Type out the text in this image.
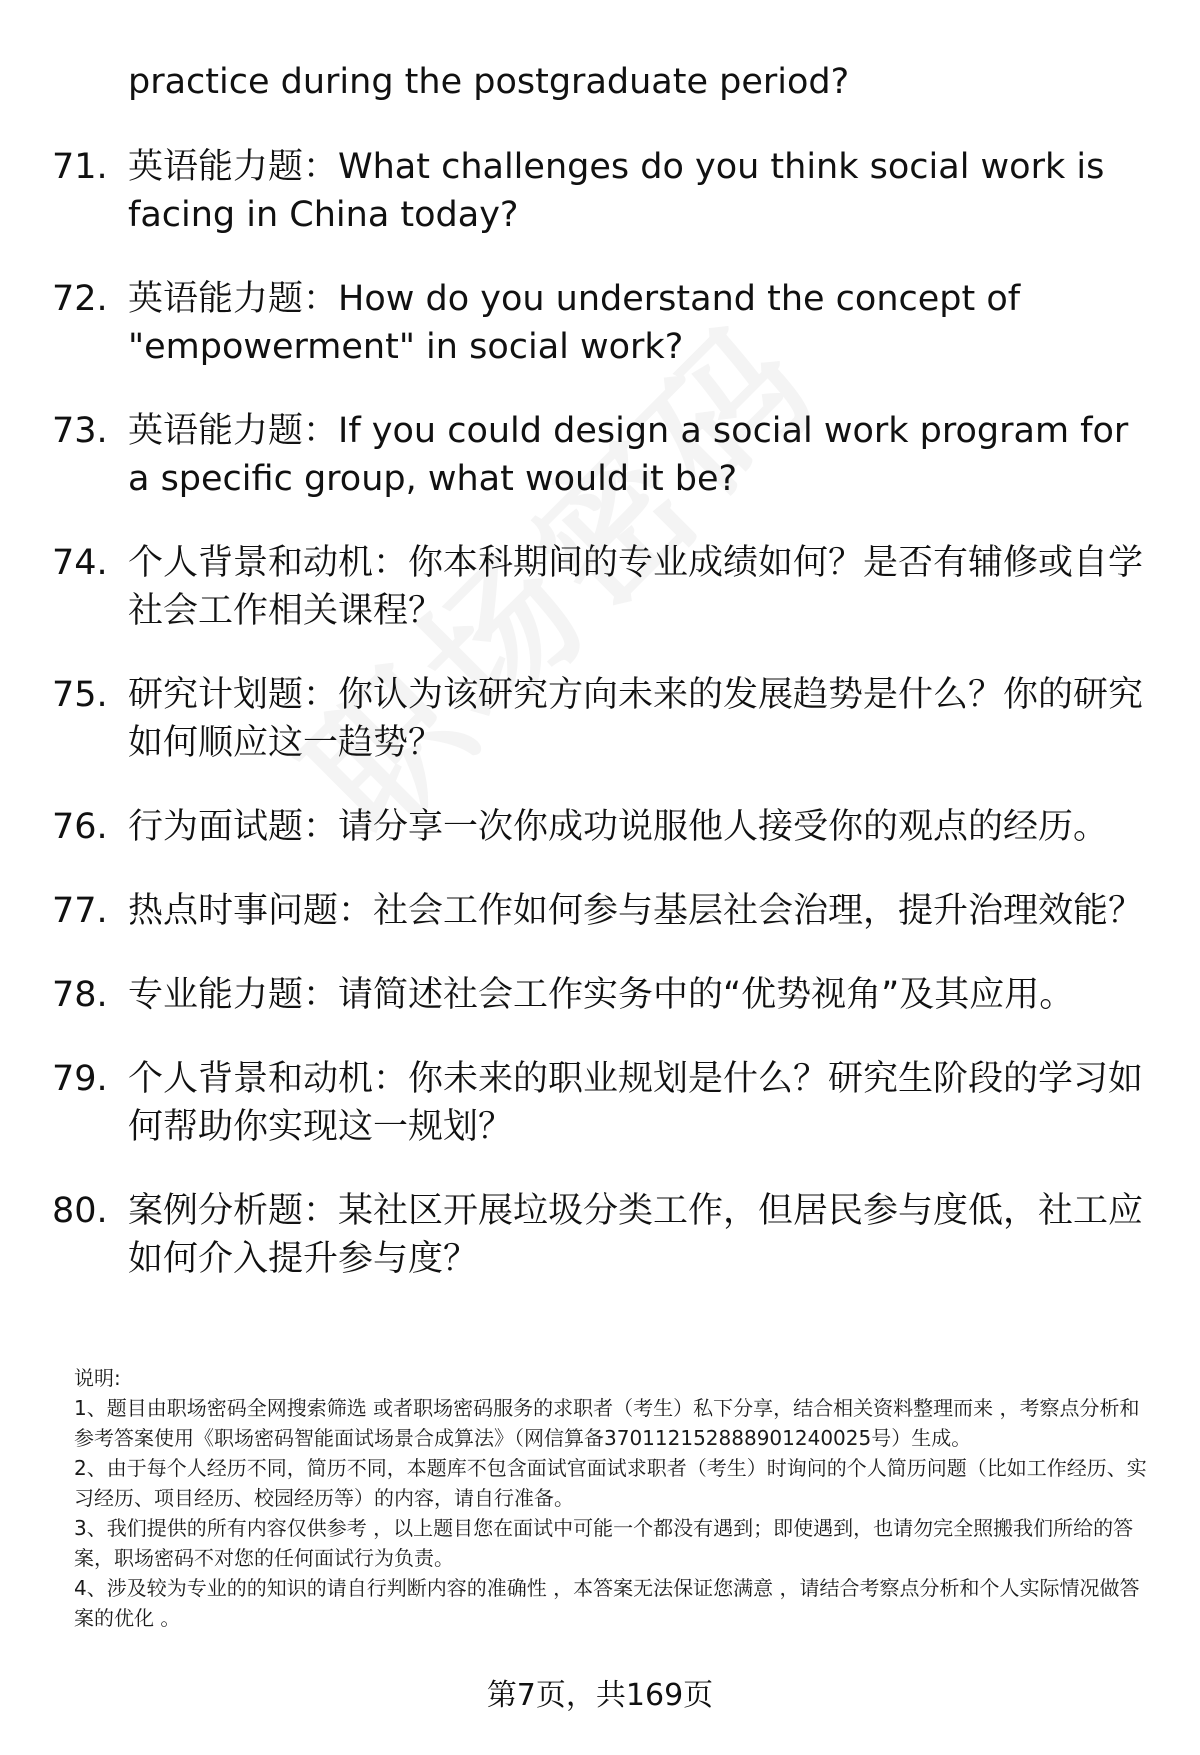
practice during the postgraduate period?
71. 英语能力题：What challenges do you think social work is facing in China today?
72. 英语能力题：How do you understand the concept of "empowerment" in social work?
73. 英语能力题：If you could design a social work program for a specific group, what would it be?
74. 个人背景和动机：你本科期间的专业成绩如何？是否有辅修或自学社会工作相关课程？
75. 研究计划题：你认为该研究方向未来的发展趋势是什么？你的研究如何顺应这一趋势？
76. 行为面试题：请分享一次你成功说服他人接受你的观点的经历。
77. 热点时事问题：社会工作如何参与基层社会治理，提升治理效能？
78. 专业能力题：请简述社会工作实务中的“优势视角”及其应用。
79. 个人背景和动机：你未来的职业规划是什么？研究生阶段的学习如何帮助你实现这一规划？
80. 案例分析题：某社区开展垃圾分类工作，但居民参与度低，社工应如何介入提升参与度？

说明:

1、题目由职场密码全网搜索筛选 或者职场密码服务的求职者（考生）私下分享，结合相关资料整理而来 ，考察点分析和参考答案使用《职场密码智能面试场景合成算法》（网信算备370112152888901240025号）生成。

2、由于每个人经历不同，简历不同，本题库不包含面试官面试求职者（考生）时询问的个人简历问题（比如工作经历、实习经历、项目经历、校园经历等）的内容，请自行准备。

3、我们提供的所有内容仅供参考 ，以上题目您在面试中可能一个都没有遇到；即使遇到，也请勿完全照搬我们所给的答案，职场密码不对您的任何面试行为负责。

4、涉及较为专业的的知识的请自行判断内容的准确性 ，本答案无法保证您满意 ，请结合考察点分析和个人实际情况做答案的优化 。

第7页，共169页
